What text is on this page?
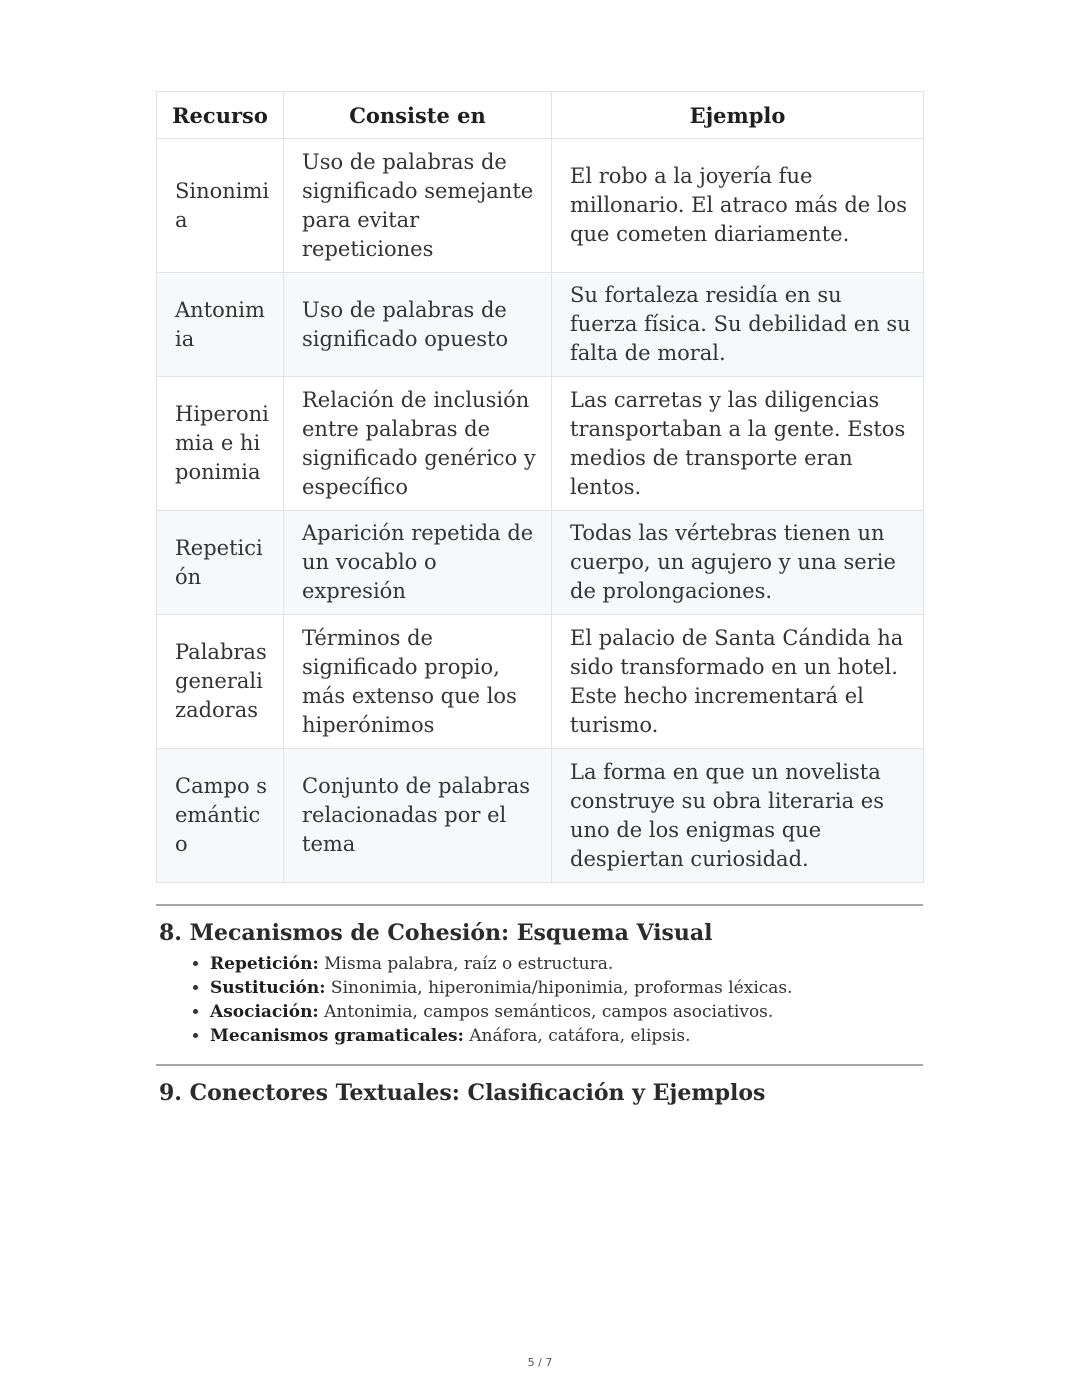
Recurso	Consiste en	Ejemplo
Sinonimia	Uso de palabras de significado semejante para evitar repeticiones	El robo a la joyería fue millonario. El atraco más de los que cometen diariamente.
Antonimia	Uso de palabras de significado opuesto	Su fortaleza residía en su fuerza física. Su debilidad en su falta de moral.
Hiperonimia e hiponimia	Relación de inclusión entre palabras de significado genérico y específico	Las carretas y las diligencias transportaban a la gente. Estos medios de transporte eran lentos.
Repetición	Aparición repetida de un vocablo o expresión	Todas las vértebras tienen un cuerpo, un agujero y una serie de prolongaciones.
Palabras generalizadoras	Términos de significado propio, más extenso que los hiperónimos	El palacio de Santa Cándida ha sido transformado en un hotel. Este hecho incrementará el turismo.
Campo semántico	Conjunto de palabras relacionadas por el tema	La forma en que un novelista construye su obra literaria es uno de los enigmas que despiertan curiosidad.
8. Mecanismos de Cohesión: Esquema Visual
• Repetición: Misma palabra, raíz o estructura.
• Sustitución: Sinonimia, hiperonimia/hiponimia, proformas léxicas.
• Asociación: Antonimia, campos semánticos, campos asociativos.
• Mecanismos gramaticales: Anáfora, catáfora, elipsis.
9. Conectores Textuales: Clasificación y Ejemplos
5 / 7
